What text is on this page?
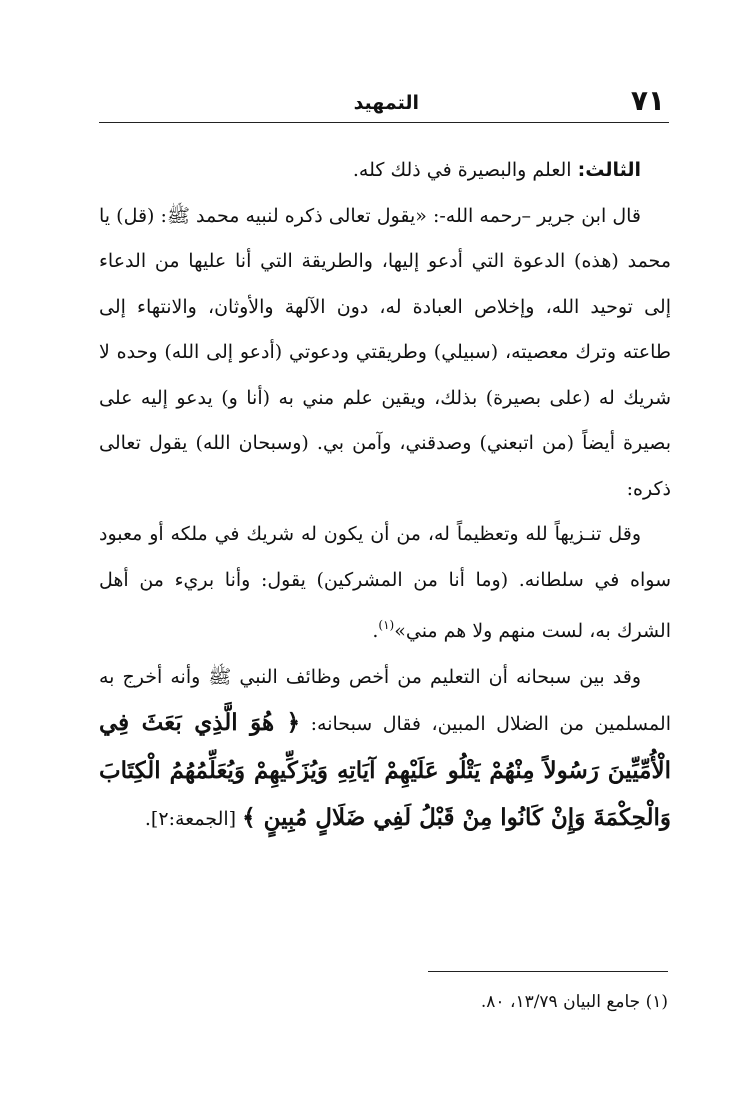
٧١
التمهيد

الثالث: العلم والبصيرة في ذلك كله.

قال ابن جرير –رحمه الله-: «يقول تعالى ذكره لنبيه محمد ﷺ: (قل) يا محمد (هذه) الدعوة التي أدعو إليها، والطريقة التي أنا عليها من الدعاء إلى توحيد الله، وإخلاص العبادة له، دون الآلهة والأوثان، والانتهاء إلى طاعته وترك معصيته، (سبيلي) وطريقتي ودعوتي (أدعو إلى الله) وحده لا شريك له (على بصيرة) بذلك، ويقين علم مني به (أنا و) يدعو إليه على بصيرة أيضاً (من اتبعني) وصدقني، وآمن بي. (وسبحان الله) يقول تعالى ذكره:

وقل تنـزيهاً لله وتعظيماً له، من أن يكون له شريك في ملكه أو معبود سواه في سلطانه. (وما أنا من المشركين) يقول: وأنا بريء من أهل الشرك به، لست منهم ولا هم مني»$^{(١)}$.

وقد بين سبحانه أن التعليم من أخص وظائف النبي ﷺ وأنه أخرج به المسلمين من الضلال المبين، فقال سبحانه: ﴿ هُوَ الَّذِي بَعَثَ فِي الْأُمِّيِّينَ رَسُولاً مِنْهُمْ يَتْلُو عَلَيْهِمْ آيَاتِهِ وَيُزَكِّيهِمْ وَيُعَلِّمُهُمُ الْكِتَابَ وَالْحِكْمَةَ وَإِنْ كَانُوا مِنْ قَبْلُ لَفِي ضَلَالٍ مُبِينٍ ﴾ [الجمعة:٢].

(١) جامع البيان ١٣/٧٩، ٨٠.
